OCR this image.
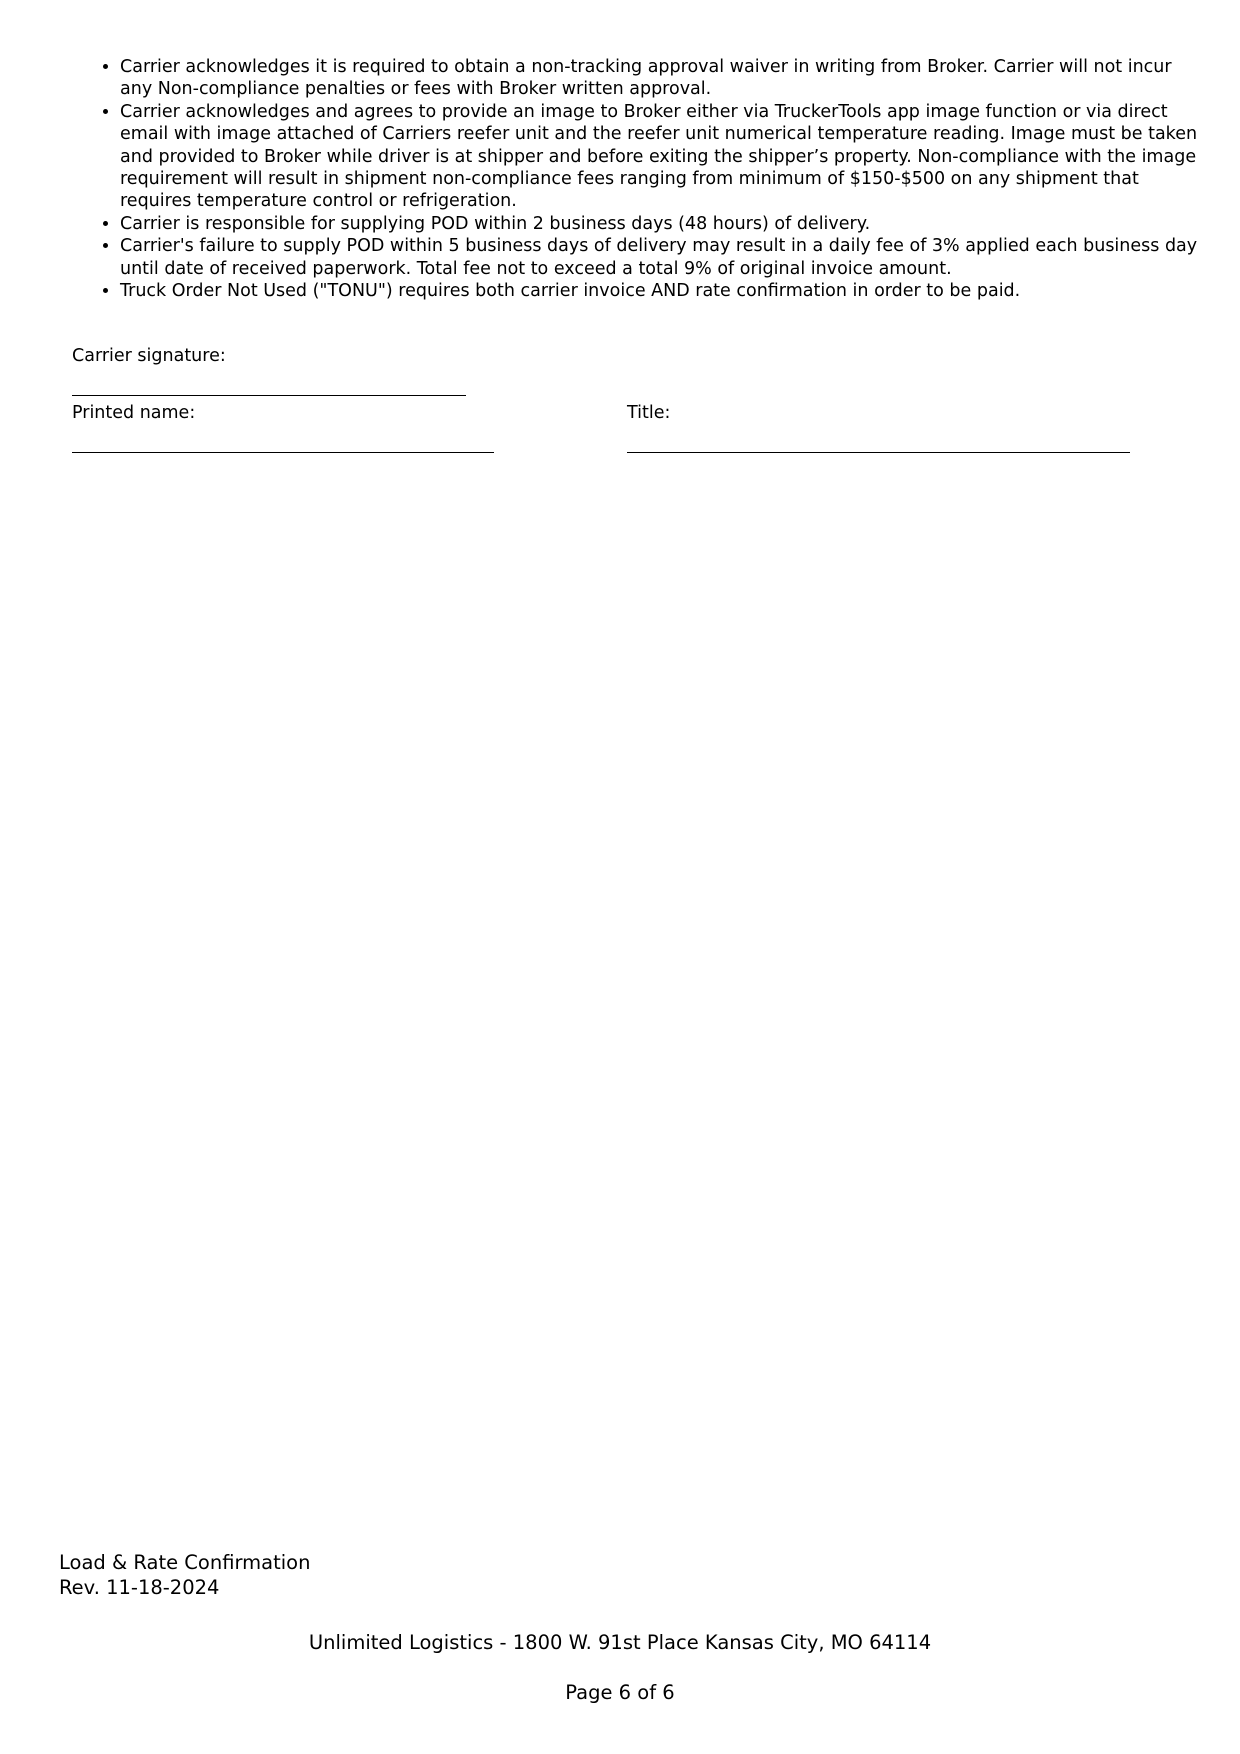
• Carrier acknowledges it is required to obtain a non-tracking approval waiver in writing from Broker. Carrier will not incur any Non-compliance penalties or fees with Broker written approval.
• Carrier acknowledges and agrees to provide an image to Broker either via TruckerTools app image function or via direct email with image attached of Carriers reefer unit and the reefer unit numerical temperature reading. Image must be taken and provided to Broker while driver is at shipper and before exiting the shipper’s property. Non-compliance with the image requirement will result in shipment non-compliance fees ranging from minimum of $150-$500 on any shipment that requires temperature control or refrigeration.
• Carrier is responsible for supplying POD within 2 business days (48 hours) of delivery.
• Carrier's failure to supply POD within 5 business days of delivery may result in a daily fee of 3% applied each business day until date of received paperwork. Total fee not to exceed a total 9% of original invoice amount.
• Truck Order Not Used ("TONU") requires both carrier invoice AND rate confirmation in order to be paid.
Carrier signature:
Printed name:	Title:
Load & Rate Confirmation
Rev. 11-18-2024
Unlimited Logistics - 1800 W. 91st Place Kansas City, MO 64114
Page 6 of 6
